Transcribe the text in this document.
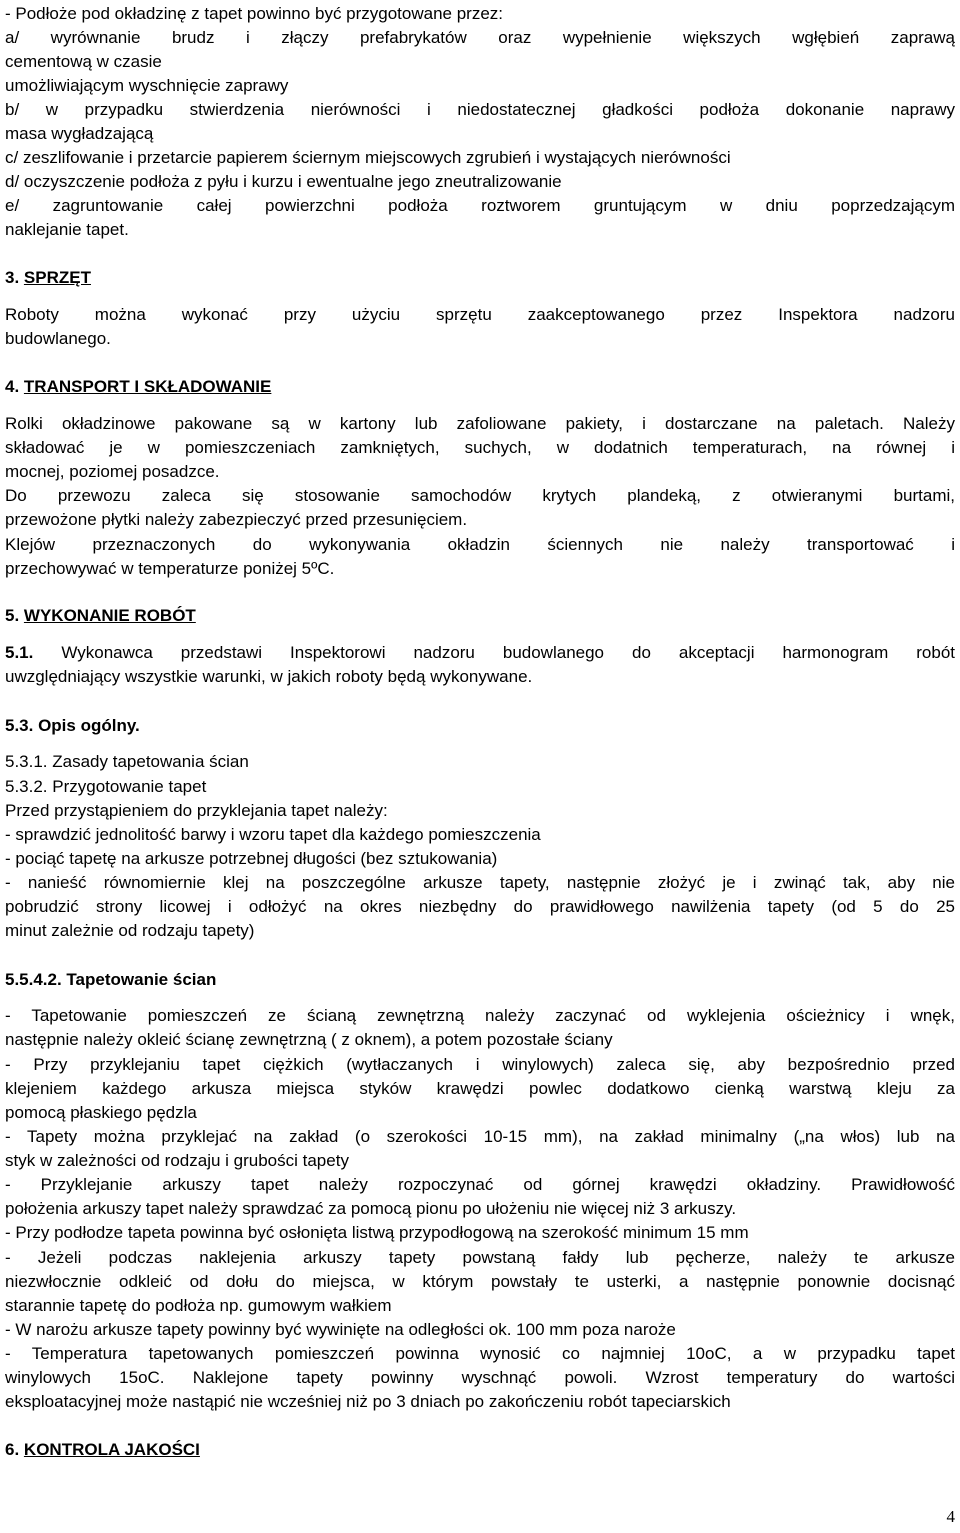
- Podłoże pod okładzinę z tapet powinno być przygotowane przez:
a/ wyrównanie brudz i złączy prefabrykatów oraz wypełnienie większych wgłębień zaprawą
cementową w czasie
umożliwiającym wyschnięcie zaprawy
b/ w przypadku stwierdzenia nierówności i niedostatecznej gładkości podłoża dokonanie naprawy
masa wygładzającą
c/ zeszlifowanie i przetarcie papierem ściernym miejscowych zgrubień i wystających nierówności
d/ oczyszczenie podłoża z pyłu i kurzu i ewentualne jego zneutralizowanie
e/ zagruntowanie całej powierzchni podłoża roztworem gruntującym w dniu poprzedzającym
naklejanie tapet.
3. SPRZĘT
Roboty można wykonać przy użyciu sprzętu zaakceptowanego przez Inspektora nadzoru
budowlanego.
4. TRANSPORT I SKŁADOWANIE
Rolki okładzinowe pakowane są w kartony lub zafoliowane pakiety, i dostarczane na paletach. Należy
składować je w pomieszczeniach zamkniętych, suchych, w dodatnich temperaturach, na równej i
mocnej, poziomej posadzce.
Do przewozu zaleca się stosowanie samochodów krytych plandeką, z otwieranymi burtami,
przewożone płytki należy zabezpieczyć przed przesunięciem.
Klejów przeznaczonych do wykonywania okładzin ściennych nie należy transportować i
przechowywać w temperaturze poniżej 5ºC.
5. WYKONANIE ROBÓT
5.1. Wykonawca przedstawi Inspektorowi nadzoru budowlanego do akceptacji harmonogram robót
uwzględniający wszystkie warunki, w jakich roboty będą wykonywane.
5.3. Opis ogólny.
5.3.1. Zasady tapetowania ścian
5.3.2. Przygotowanie tapet
Przed przystąpieniem do przyklejania tapet należy:
- sprawdzić jednolitość barwy i wzoru tapet dla każdego pomieszczenia
- pociąć tapetę na arkusze potrzebnej długości (bez sztukowania)
- nanieść równomiernie klej na poszczególne arkusze tapety, następnie złożyć je i zwinąć tak, aby nie
pobrudzić strony licowej i odłożyć na okres niezbędny do prawidłowego nawilżenia tapety (od 5 do 25
minut zależnie od rodzaju tapety)
5.5.4.2. Tapetowanie ścian
- Tapetowanie pomieszczeń ze ścianą zewnętrzną należy zaczynać od wyklejenia ościeżnicy i wnęk,
następnie należy okleić ścianę zewnętrzną ( z oknem), a potem pozostałe ściany
- Przy przyklejaniu tapet ciężkich (wytłaczanych i winylowych) zaleca się, aby bezpośrednio przed
klejeniem każdego arkusza miejsca styków krawędzi powlec dodatkowo cienką warstwą kleju za
pomocą płaskiego pędzla
- Tapety można przyklejać na zakład (o szerokości 10-15 mm), na zakład minimalny („na włos) lub na
styk w zależności od rodzaju i grubości tapety
- Przyklejanie arkuszy tapet należy rozpoczynać od górnej krawędzi okładziny. Prawidłowość
położenia arkuszy tapet należy sprawdzać za pomocą pionu po ułożeniu nie więcej niż 3 arkuszy.
- Przy podłodze tapeta powinna być osłonięta listwą przypodłogową na szerokość minimum 15 mm
- Jeżeli podczas naklejenia arkuszy tapety powstaną fałdy lub pęcherze, należy te arkusze
niezwłocznie odkleić od dołu do miejsca, w którym powstały te usterki, a następnie ponownie docisnąć
starannie tapetę do podłoża np. gumowym wałkiem
- W narożu arkusze tapety powinny być wywinięte na odległości ok. 100 mm poza naroże
- Temperatura tapetowanych pomieszczeń powinna wynosić co najmniej 10oC, a w przypadku tapet
winylowych 15oC. Naklejone tapety powinny wyschnąć powoli. Wzrost temperatury do wartości
eksploatacyjnej może nastąpić nie wcześniej niż po 3 dniach po zakończeniu robót tapeciarskich
6. KONTROLA JAKOŚCI
4
